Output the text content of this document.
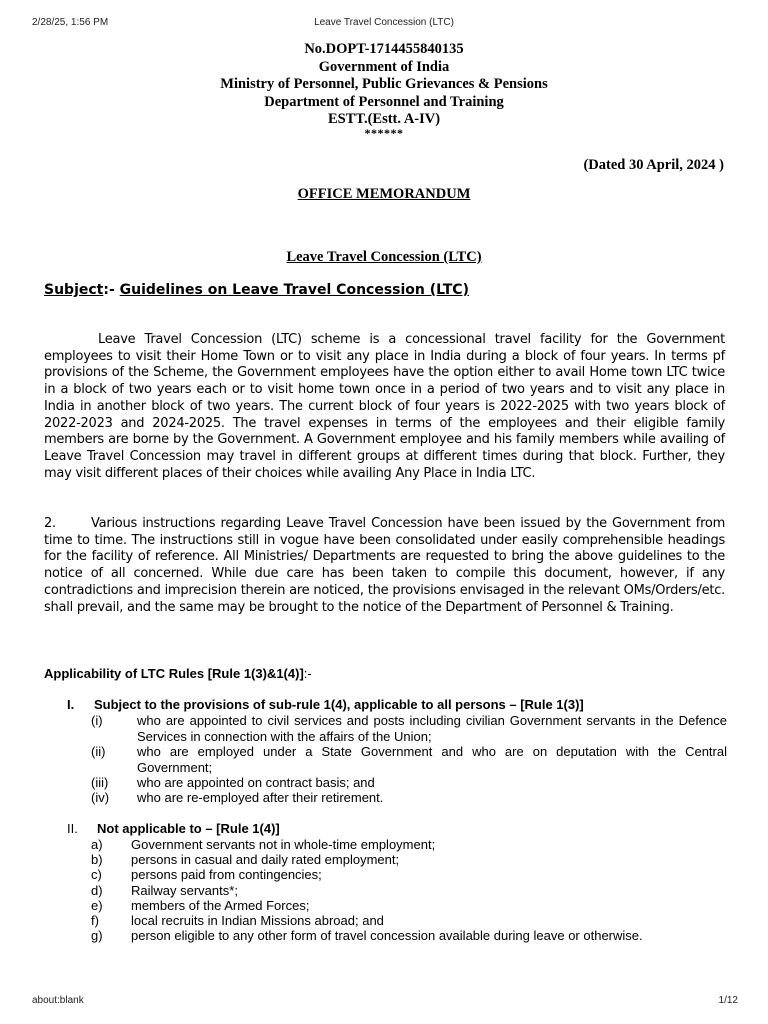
2/28/25, 1:56 PM	Leave Travel Concession (LTC)
No.DOPT-1714455840135
Government of India
Ministry of Personnel, Public Grievances & Pensions
Department of Personnel and Training
ESTT.(Estt. A-IV)
******
(Dated 30 April, 2024 )
OFFICE MEMORANDUM
Leave Travel Concession (LTC)
Subject:- Guidelines on Leave Travel Concession (LTC)
Leave Travel Concession (LTC) scheme is a concessional travel facility for the Government employees to visit their Home Town or to visit any place in India during a block of four years. In terms pf provisions of the Scheme, the Government employees have the option either to avail Home town LTC twice in a block of two years each or to visit home town once in a period of two years and to visit any place in India in another block of two years. The current block of four years is 2022-2025 with two years block of 2022-2023 and 2024-2025. The travel expenses in terms of the employees and their eligible family members are borne by the Government. A Government employee and his family members while availing of Leave Travel Concession may travel in different groups at different times during that block. Further, they may visit different places of their choices while availing Any Place in India LTC.
2.	Various instructions regarding Leave Travel Concession have been issued by the Government from time to time. The instructions still in vogue have been consolidated under easily comprehensible headings for the facility of reference. All Ministries/ Departments are requested to bring the above guidelines to the notice of all concerned. While due care has been taken to compile this document, however, if any contradictions and imprecision therein are noticed, the provisions envisaged in the relevant OMs/Orders/etc. shall prevail, and the same may be brought to the notice of the Department of Personnel & Training.
Applicability of LTC Rules [Rule 1(3)&1(4)]:-
I. Subject to the provisions of sub-rule 1(4), applicable to all persons – [Rule 1(3)]
(i)	who are appointed to civil services and posts including civilian Government servants in the Defence Services in connection with the affairs of the Union;
(ii) who are employed under a State Government and who are on deputation with the Central Government;
(iii) who are appointed on contract basis; and
(iv) who are re-employed after their retirement.
II. Not applicable to – [Rule 1(4)]
a) Government servants not in whole-time employment;
b) persons in casual and daily rated employment;
c) persons paid from contingencies;
d) Railway servants*;
e) members of the Armed Forces;
f) local recruits in Indian Missions abroad; and
g) person eligible to any other form of travel concession available during leave or otherwise.
about:blank	1/12
